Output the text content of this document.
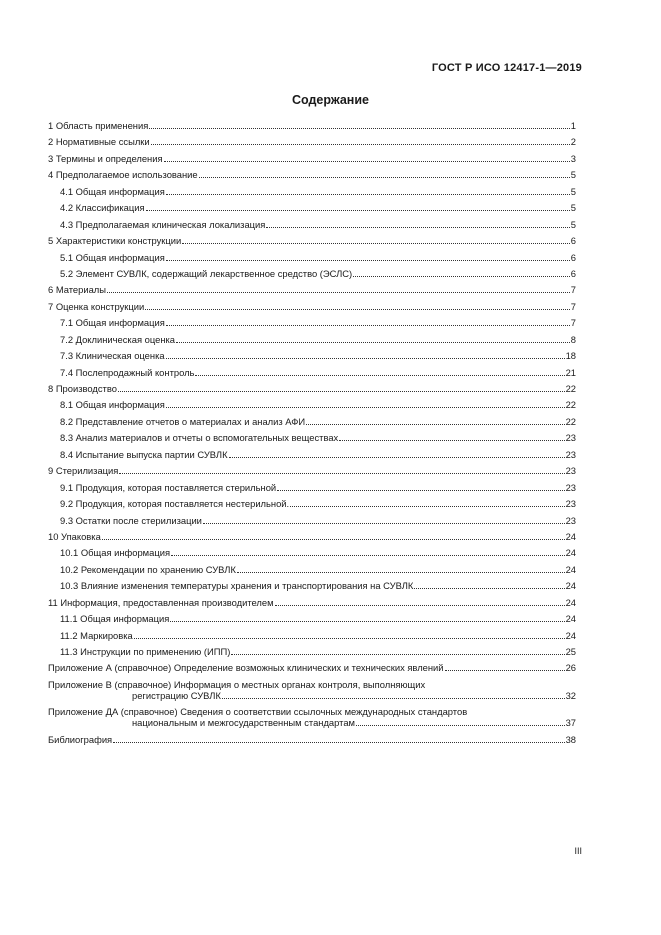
ГОСТ Р ИСО 12417-1—2019
Содержание
1 Область применения	1
2 Нормативные ссылки	2
3 Термины и определения	3
4 Предполагаемое использование	5
4.1 Общая информация	5
4.2 Классификация	5
4.3 Предполагаемая клиническая локализация	5
5 Характеристики конструкции	6
5.1 Общая информация	6
5.2 Элемент СУВЛК, содержащий лекарственное средство (ЭСЛС)	6
6 Материалы	7
7 Оценка конструкции	7
7.1 Общая информация	7
7.2 Доклиническая оценка	8
7.3 Клиническая оценка	18
7.4 Послепродажный контроль	21
8 Производство	22
8.1 Общая информация	22
8.2 Представление отчетов о материалах и анализ АФИ	22
8.3 Анализ материалов и отчеты о вспомогательных веществах	23
8.4 Испытание выпуска партии СУВЛК	23
9 Стерилизация	23
9.1 Продукция, которая поставляется стерильной	23
9.2 Продукция, которая поставляется нестерильной.	23
9.3 Остатки после стерилизации	23
10 Упаковка	24
10.1 Общая информация	24
10.2 Рекомендации по хранению СУВЛК	24
10.3 Влияние изменения температуры хранения и транспортирования на СУВЛК	24
11 Информация, предоставленная производителем	24
11.1 Общая информация	24
11.2 Маркировка	24
11.3 Инструкции по применению (ИПП)	25
Приложение А (справочное) Определение возможных клинических и технических явлений	26
Приложение В (справочное) Информация о местных органах контроля, выполняющих
регистрацию СУВЛК	32
Приложение ДА (справочное) Сведения о соответствии ссылочных международных стандартов
национальным и межгосударственным стандартам	37
Библиография	38
III
